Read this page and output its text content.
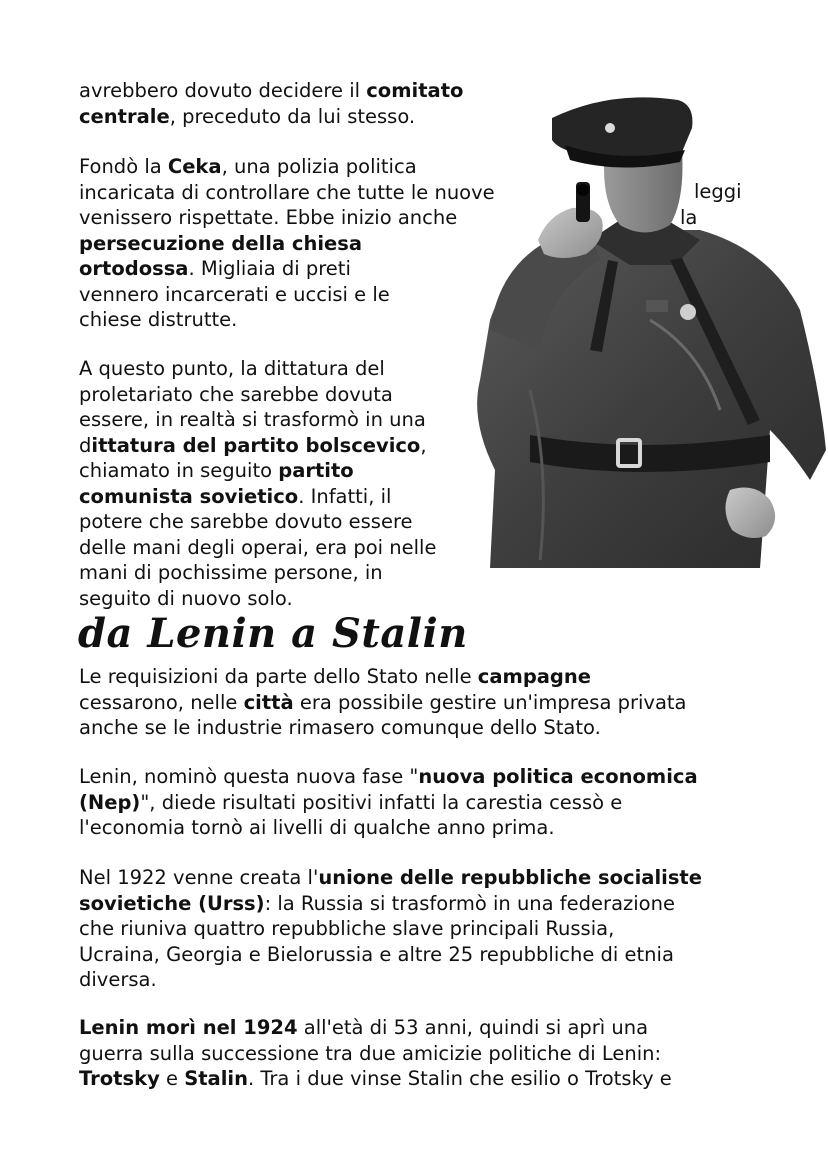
avrebbero dovuto decidere il comitato
centrale, preceduto da lui stesso.
Fondò la Ceka, una polizia politica
incaricata di controllare che tutte le nuove
venissero rispettate. Ebbe inizio anche
persecuzione della chiesa
ortodossa. Migliaia di preti
vennero incarcerati e uccisi e le
chiese distrutte.
leggi
la
A questo punto, la dittatura del
proletariato che sarebbe dovuta
essere, in realtà si trasformò in una
dittatura del partito bolscevico,
chiamato in seguito partito
comunista sovietico. Infatti, il
potere che sarebbe dovuto essere
delle mani degli operai, era poi nelle
mani di pochissime persone, in
seguito di nuovo solo.
da Lenin a Stalin
Le requisizioni da parte dello Stato nelle campagne
cessarono, nelle città era possibile gestire un'impresa privata
anche se le industrie rimasero comunque dello Stato.
Lenin, nominò questa nuova fase "nuova politica economica
(Nep)", diede risultati positivi infatti la carestia cessò e
l'economia tornò ai livelli di qualche anno prima.
Nel 1922 venne creata l'unione delle repubbliche socialiste
sovietiche (Urss): la Russia si trasformò in una federazione
che riuniva quattro repubbliche slave principali Russia,
Ucraina, Georgia e Bielorussia e altre 25 repubbliche di etnia
diversa.
Lenin morì nel 1924 all'età di 53 anni, quindi si aprì una
guerra sulla successione tra due amicizie politiche di Lenin:
Trotsky e Stalin. Tra i due vinse Stalin che esilio o Trotsky e
